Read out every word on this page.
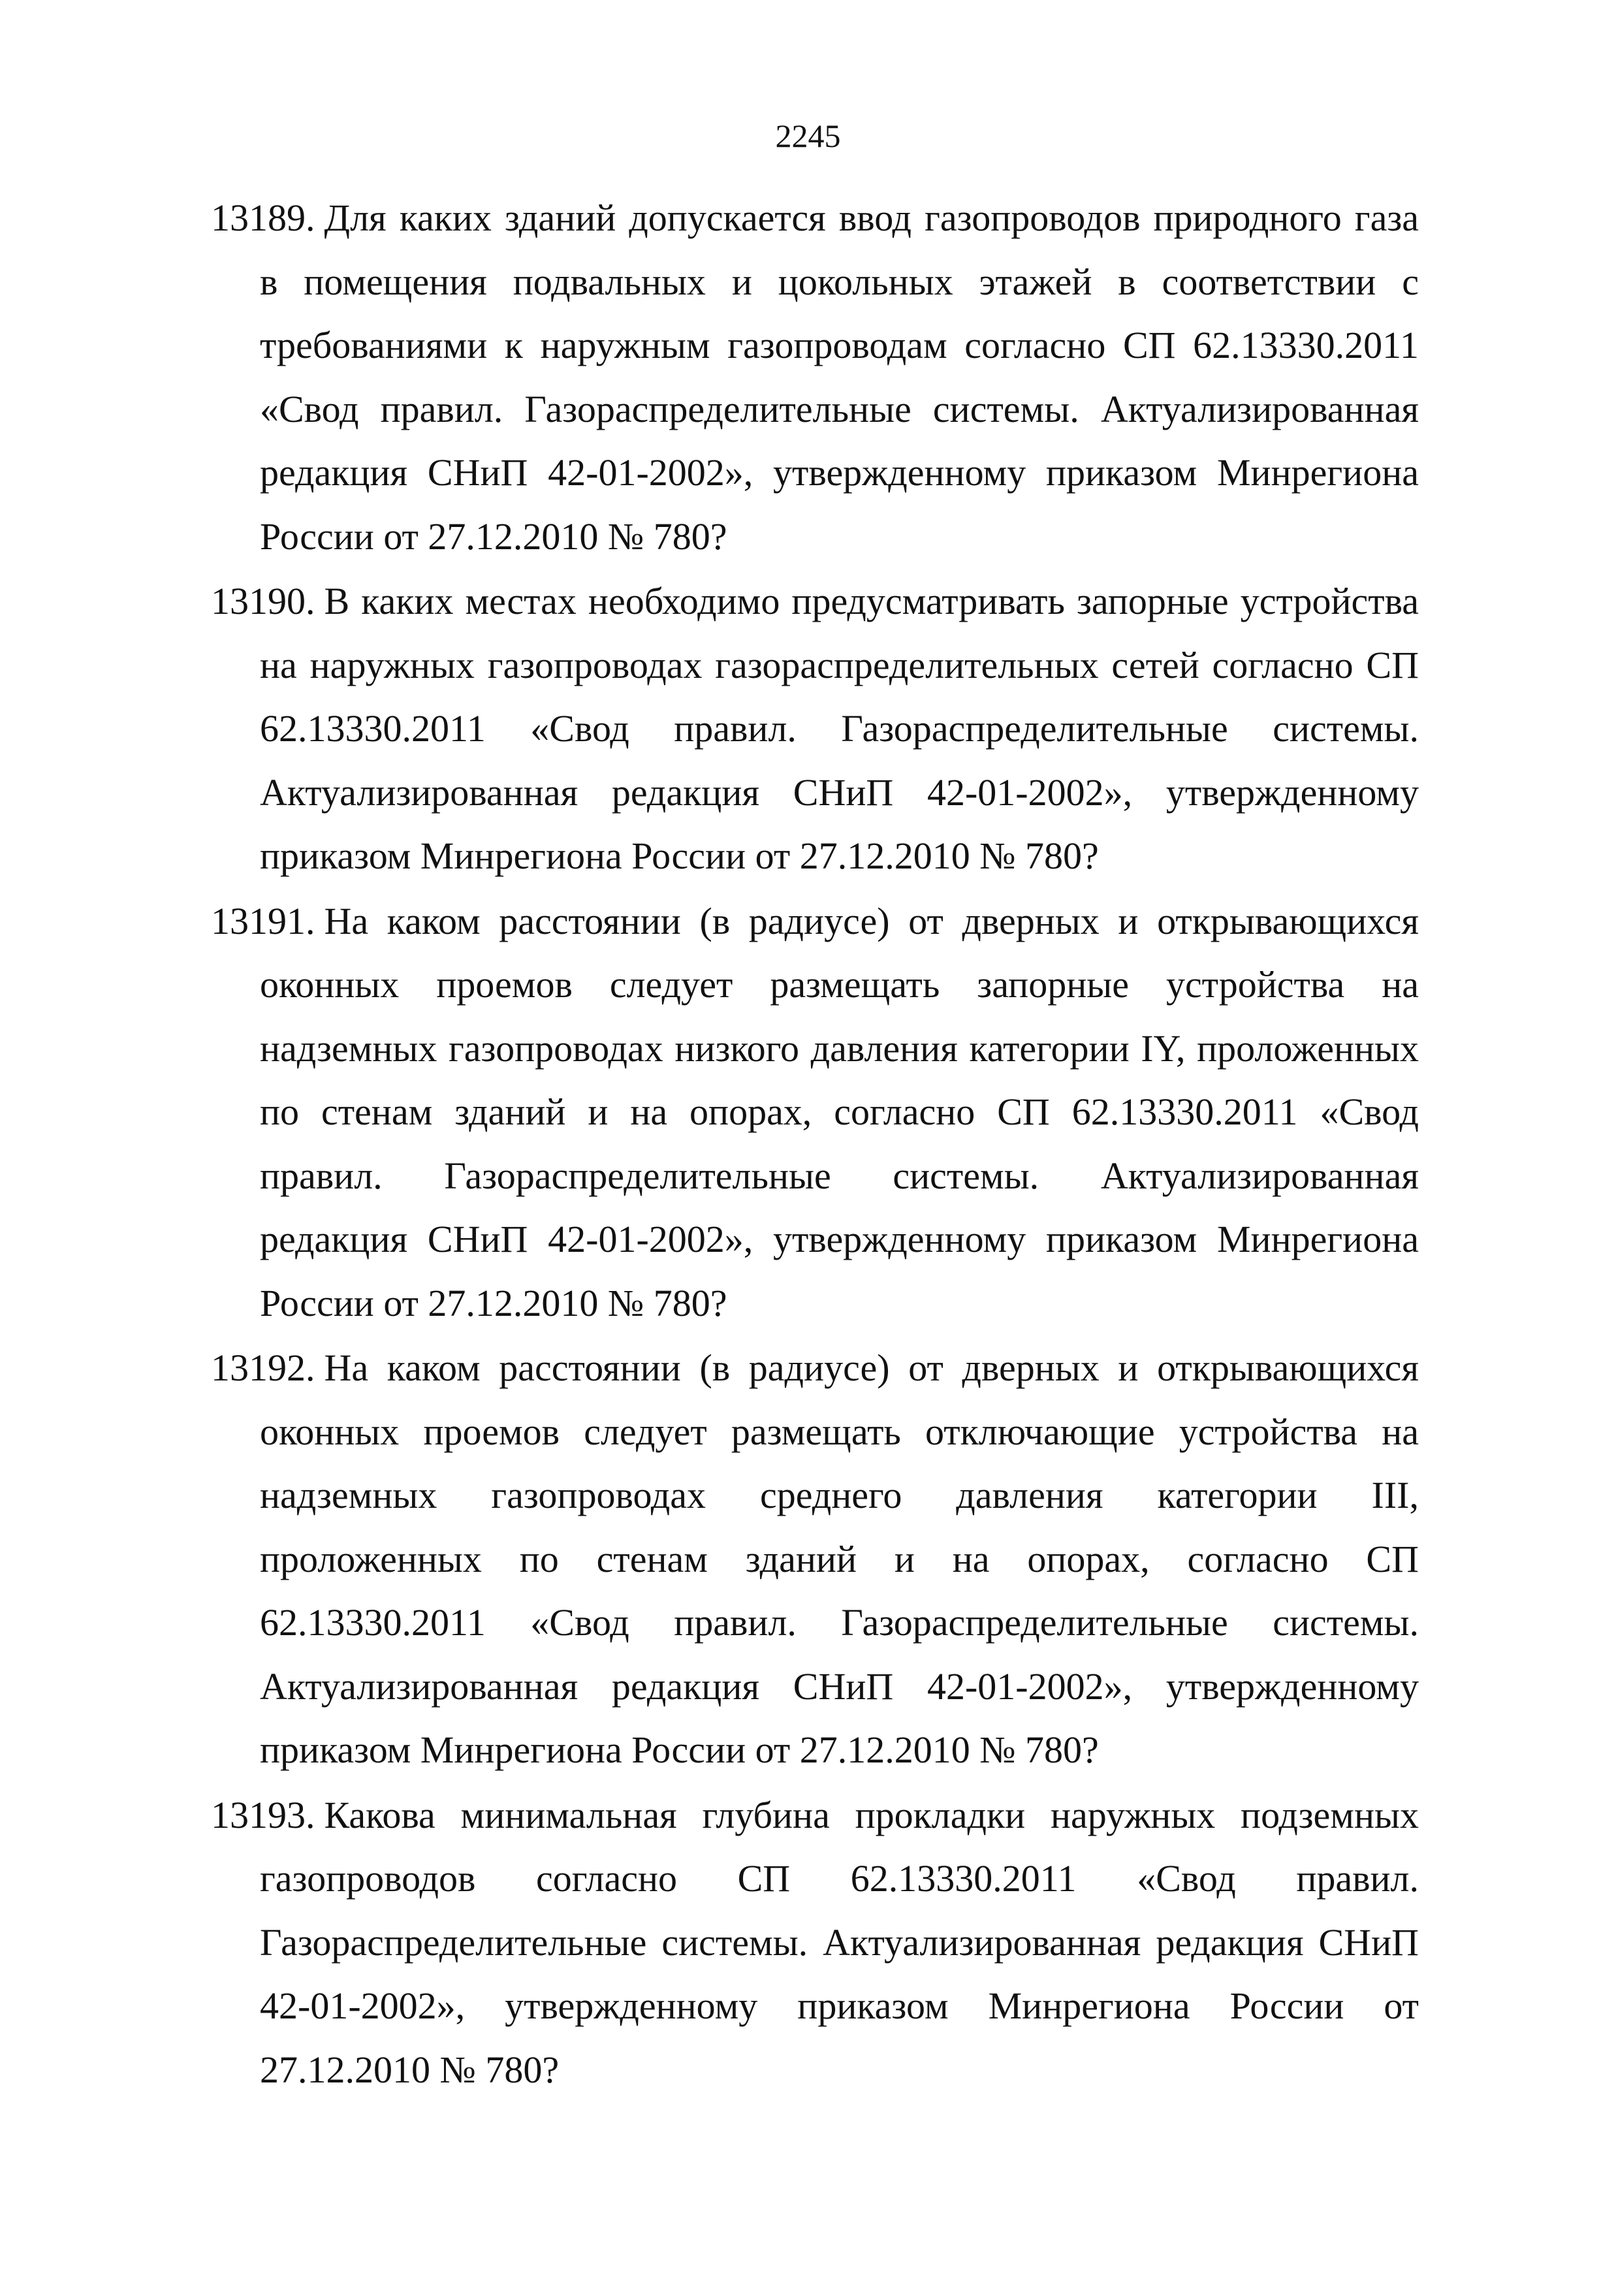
2245

13189. Для каких зданий допускается ввод газопроводов природного газа в помещения подвальных и цокольных этажей в соответствии с требованиями к наружным газопроводам согласно СП 62.13330.2011 «Свод правил. Газораспределительные системы. Актуализированная редакция СНиП 42-01-2002», утвержденному приказом Минрегиона России от 27.12.2010 № 780?

13190. В каких местах необходимо предусматривать запорные устройства на наружных газопроводах газораспределительных сетей согласно СП 62.13330.2011 «Свод правил. Газораспределительные системы. Актуализированная редакция СНиП 42-01-2002», утвержденному приказом Минрегиона России от 27.12.2010 № 780?

13191. На каком расстоянии (в радиусе) от дверных и открывающихся оконных проемов следует размещать запорные устройства на надземных газопроводах низкого давления категории IY, проложенных по стенам зданий и на опорах, согласно СП 62.13330.2011 «Свод правил. Газораспределительные системы. Актуализированная редакция СНиП 42-01-2002», утвержденному приказом Минрегиона России от 27.12.2010 № 780?

13192. На каком расстоянии (в радиусе) от дверных и открывающихся оконных проемов следует размещать отключающие устройства на надземных газопроводах среднего давления категории III, проложенных по стенам зданий и на опорах, согласно СП 62.13330.2011 «Свод правил. Газораспределительные системы. Актуализированная редакция СНиП 42-01-2002», утвержденному приказом Минрегиона России от 27.12.2010 № 780?

13193. Какова минимальная глубина прокладки наружных подземных газопроводов согласно СП 62.13330.2011 «Свод правил. Газораспределительные системы. Актуализированная редакция СНиП 42-01-2002», утвержденному приказом Минрегиона России от 27.12.2010 № 780?
